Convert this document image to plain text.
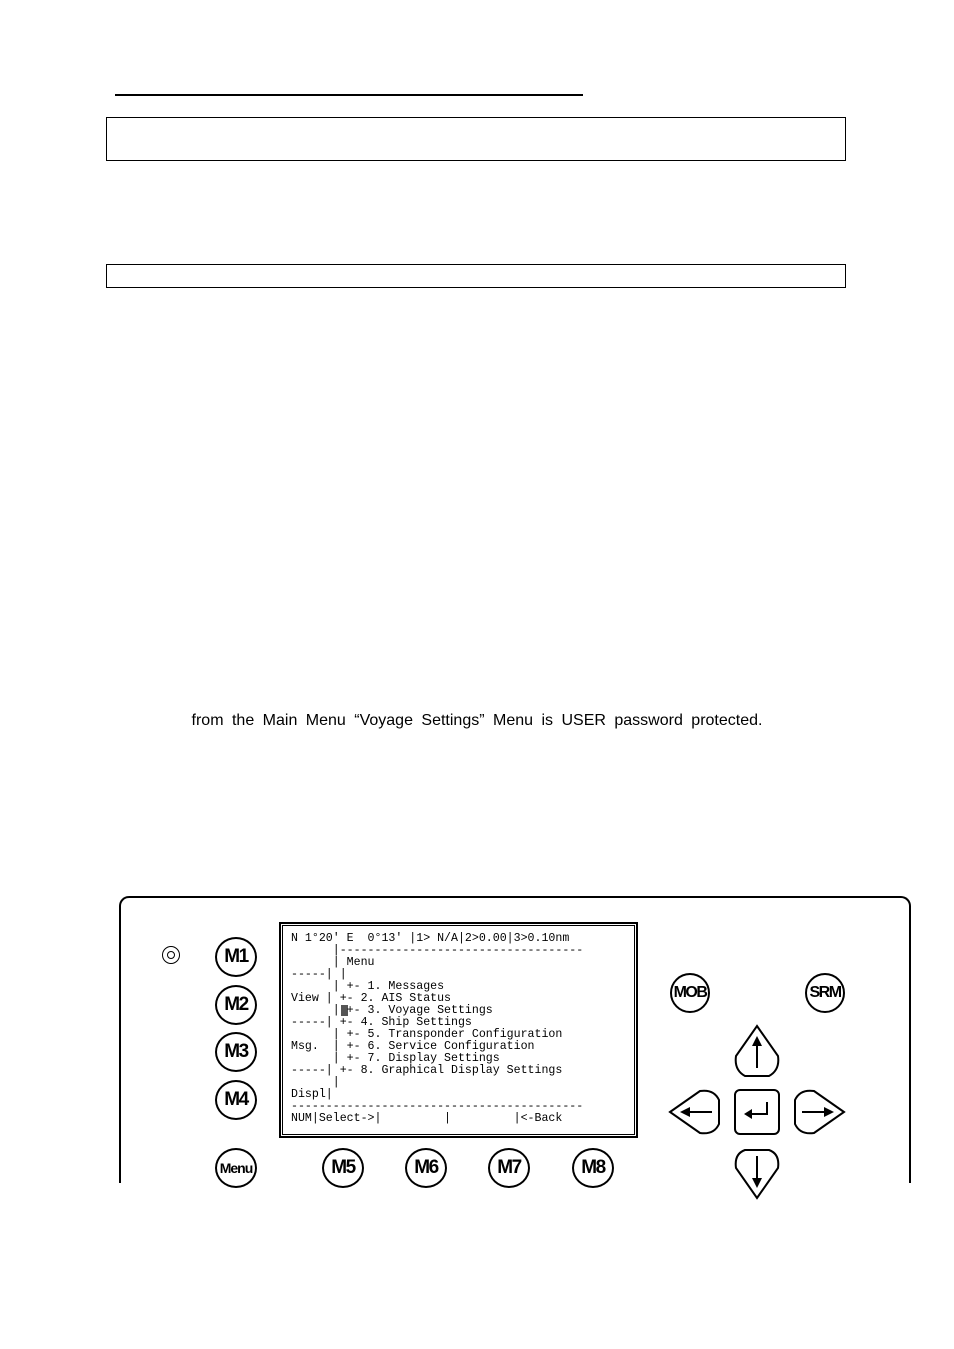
from the Main Menu “Voyage Settings” Menu is USER password protected.
N 1°20' E  0°13' |1> N/A|2>0.00|3>0.10nm
|-----------------------------------
| Menu
-----| |
| +- 1. Messages
View | +- 2. AIS Status
| +- 3. Voyage Settings
-----| +- 4. Ship Settings
| +- 5. Transponder Configuration
Msg.  | +- 6. Service Configuration
| +- 7. Display Settings
-----| +- 8. Graphical Display Settings
|
Displ|
------------------------------------------
NUM|Select->|         |         |<-Back
M1
M2
M3
M4
Menu	M5	M6	M7	M8
MOB	SRM
